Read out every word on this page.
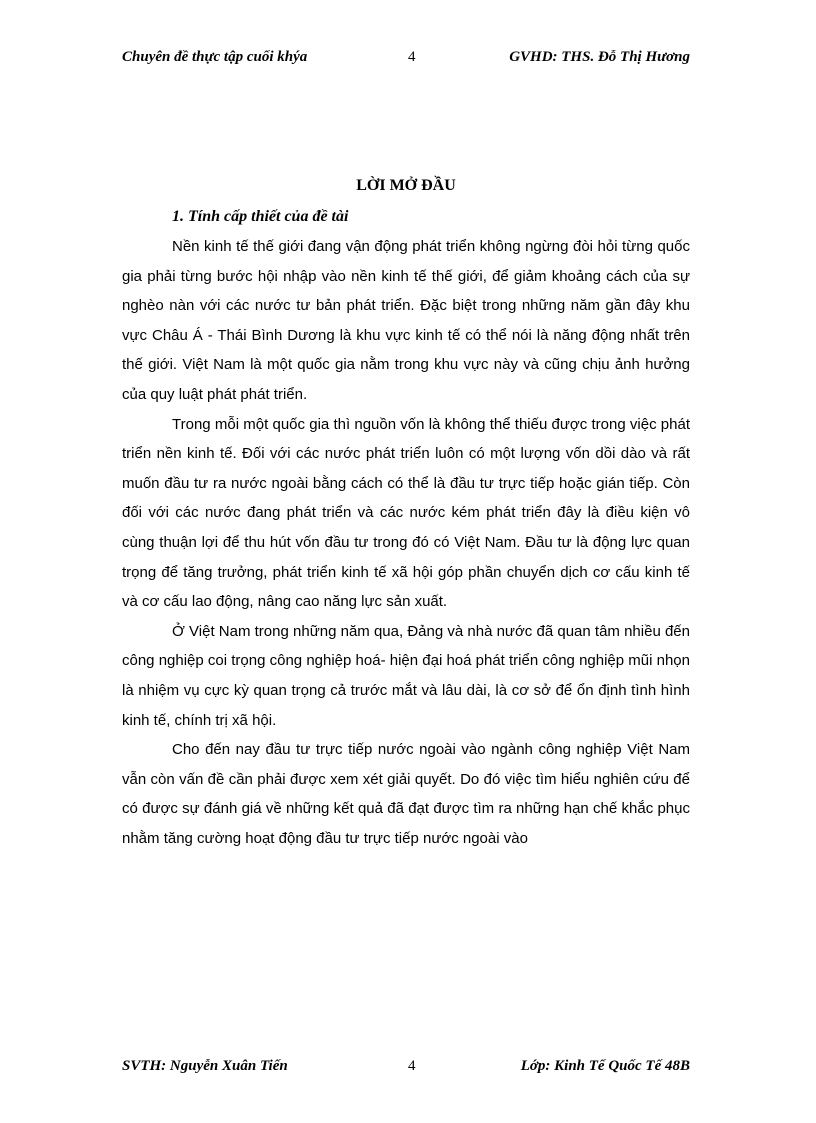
Chuyên đề thực tập cuối khýa	4	GVHD: THS. Đỗ Thị Hương
LỜI MỞ ĐẦU
1. Tính cấp thiết của đề tài

Nền kinh tế thế giới đang vận động phát triển không ngừng đòi hỏi từng quốc gia phải từng bước hội nhập vào nền kinh tế thế giới, để giảm khoảng cách của sự nghèo nàn với các nước tư bản phát triển. Đặc biệt trong những năm gần đây khu vực Châu Á - Thái Bình Dương là khu vực kinh tế có thể nói là năng động nhất trên thế giới. Việt Nam là một quốc gia nằm trong khu vực này và cũng chịu ảnh hưởng của quy luật phát phát triển.

Trong mỗi một quốc gia thì nguồn vốn là không thể thiếu được trong việc phát triển nền kinh tế. Đối với các nước phát triển luôn có một lượng vốn dồi dào và rất muốn đầu tư ra nước ngoài bằng cách có thể là đầu tư trực tiếp hoặc gián tiếp. Còn đối với các nước đang phát triển và các nước kém phát triển đây là điều kiện vô cùng thuận lợi để thu hút vốn đầu tư trong đó có Việt Nam. Đầu tư là động lực quan trọng để tăng trưởng, phát triển kinh tế xã hội góp phần chuyển dịch cơ cấu kinh tế và cơ cấu lao động, nâng cao năng lực sản xuất.

Ở Việt Nam trong những năm qua, Đảng và nhà nước đã quan tâm nhiều đến công nghiệp coi trọng công nghiệp hoá- hiện đại hoá phát triển công nghiệp mũi nhọn là nhiệm vụ cực kỳ quan trọng cả trước mắt và lâu dài, là cơ sở để ổn định tình hình kinh tế, chính trị xã hội.

Cho đến nay đầu tư trực tiếp nước ngoài vào ngành công nghiệp Việt Nam vẫn còn vấn đề cần phải được xem xét giải quyết. Do đó việc tìm hiểu nghiên cứu để có được sự đánh giá về những kết quả đã đạt được tìm ra những hạn chế khắc phục nhằm tăng cường hoạt động đầu tư trực tiếp nước ngoài vào

SVTH: Nguyễn Xuân Tiến	4	Lớp: Kinh Tế Quốc Tế 48B
